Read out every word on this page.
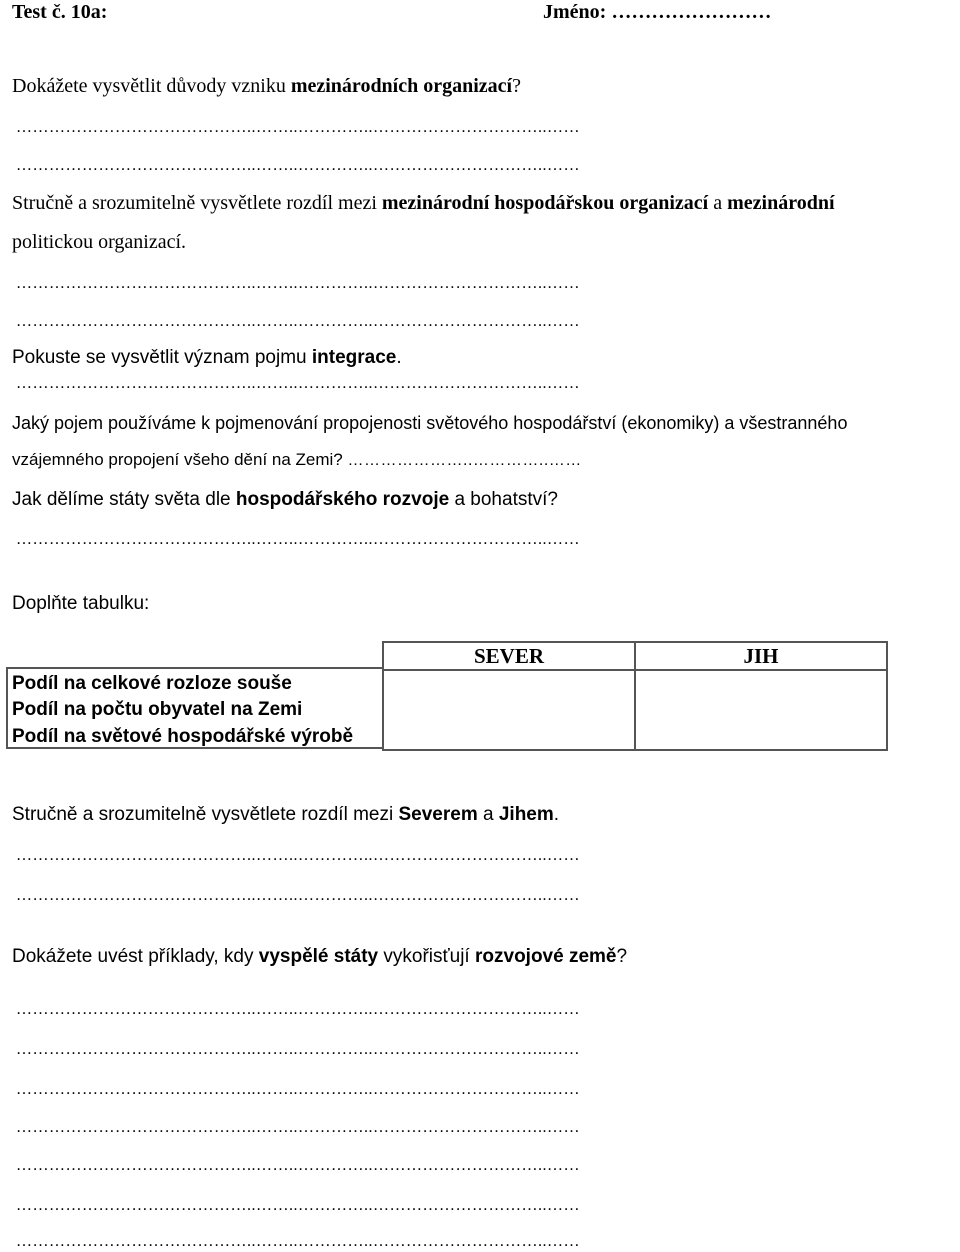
Test č. 10a:	Jméno: ……………………
Dokážete vysvětlit důvody vzniku mezinárodních organizací?
……………………………………..……..…………..…………………………..……
……………………………………..……..…………..…………………………..……
Stručně a srozumitelně vysvětlete rozdíl mezi mezinárodní hospodářskou organizací a mezinárodní
politickou organizací.
……………………………………..……..…………..…………………………..……
……………………………………..……..…………..…………………………..……
Pokuste se vysvětlit význam pojmu integrace.
……………………………………..……..…………..…………………………..……
Jaký pojem používáme k pojmenování propojenosti světového hospodářství (ekonomiky) a všestranného
vzájemného propojení všeho dění na Zemi? …………………..…………..……
Jak dělíme státy světa dle hospodářského rozvoje a bohatství?
……………………………………..……..…………..…………………………..……
Doplňte tabulku:
	SEVER	JIH
Podíl na celkové rozloze souše		
Podíl na počtu obyvatel na Zemi		
Podíl na světové hospodářské výrobě		
Stručně a srozumitelně vysvětlete rozdíl mezi Severem a Jihem.
……………………………………..……..…………..…………………………..……
……………………………………..……..…………..…………………………..……
Dokážete uvést příklady, kdy vyspělé státy vykořisťují rozvojové země?
……………………………………..……..…………..…………………………..……
……………………………………..……..…………..…………………………..……
……………………………………..……..…………..…………………………..……
……………………………………..……..…………..…………………………..……
……………………………………..……..…………..…………………………..……
……………………………………..……..…………..…………………………..……
……………………………………..……..…………..…………………………..……
